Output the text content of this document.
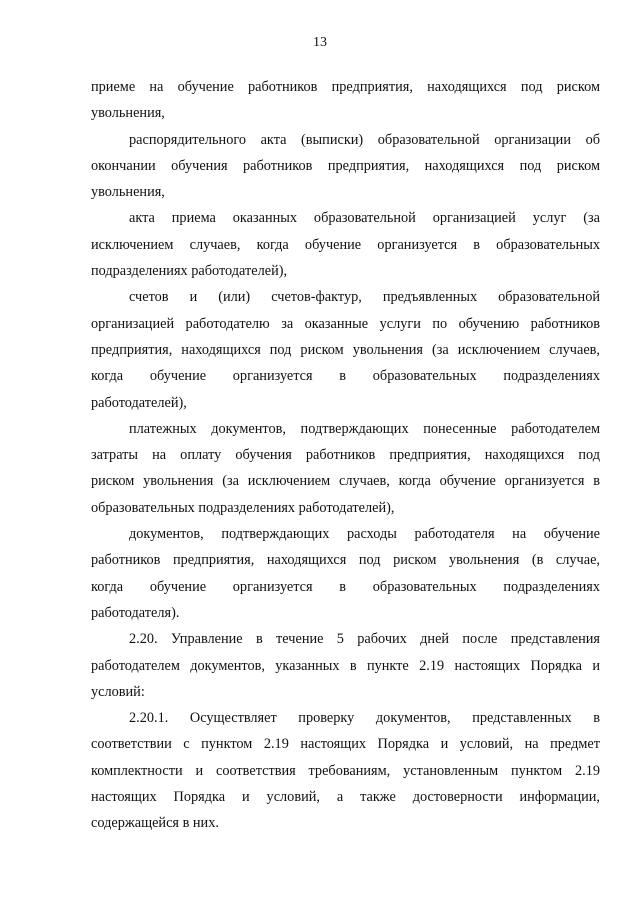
13
приеме на обучение работников предприятия, находящихся под риском
увольнения,
распорядительного акта (выписки) образовательной организации об
окончании обучения работников предприятия, находящихся под риском
увольнения,
акта приема оказанных образовательной организацией услуг (за
исключением случаев, когда обучение организуется в образовательных
подразделениях работодателей),
счетов и (или) счетов-фактур, предъявленных образовательной
организацией работодателю за оказанные услуги по обучению работников
предприятия, находящихся под риском увольнения (за исключением случаев,
когда обучение организуется в образовательных подразделениях
работодателей),
платежных документов, подтверждающих понесенные работодателем
затраты на оплату обучения работников предприятия, находящихся под
риском увольнения (за исключением случаев, когда обучение организуется в
образовательных подразделениях работодателей),
документов, подтверждающих расходы работодателя на обучение
работников предприятия, находящихся под риском увольнения (в случае,
когда обучение организуется в образовательных подразделениях
работодателя).
2.20. Управление в течение 5 рабочих дней после представления
работодателем документов, указанных в пункте 2.19 настоящих Порядка и
условий:
2.20.1. Осуществляет проверку документов, представленных в
соответствии с пунктом 2.19 настоящих Порядка и условий, на предмет
комплектности и соответствия требованиям, установленным пунктом 2.19
настоящих Порядка и условий, а также достоверности информации,
содержащейся в них.
